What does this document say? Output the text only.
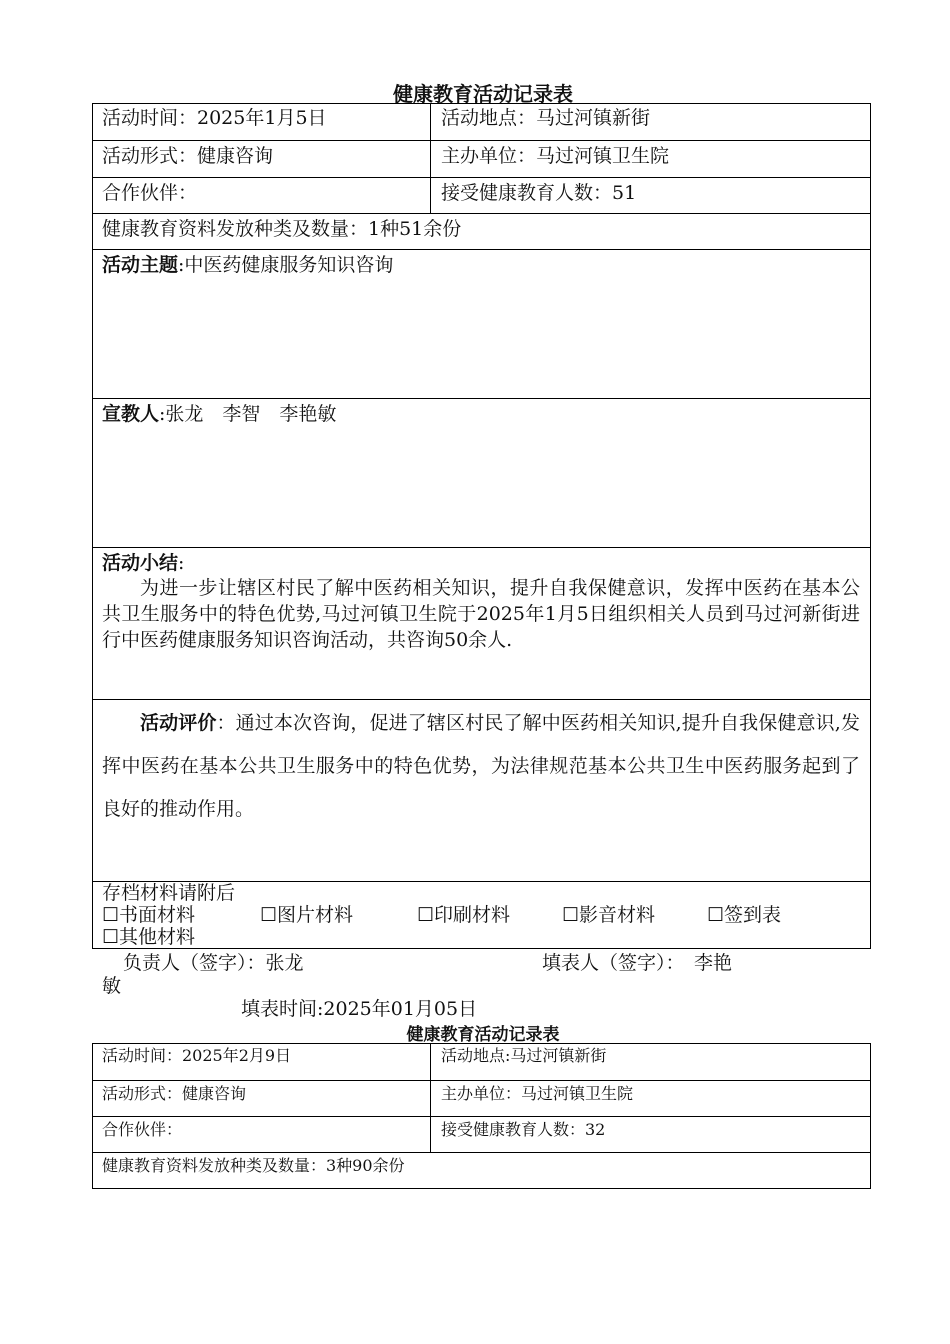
健康教育活动记录表
活动时间：2025年1月5日	活动地点：马过河镇新街
活动形式：健康咨询	主办单位：马过河镇卫生院
合作伙伴：	接受健康教育人数：51
健康教育资料发放种类及数量：1种51余份
活动主题:中医药健康服务知识咨询
宣教人:张龙　李智　李艳敏
活动小结:
为进一步让辖区村民了解中医药相关知识，提升自我保健意识，发挥中医药在基本公共卫生服务中的特色优势,马过河镇卫生院于2025年1月5日组织相关人员到马过河新街进行中医药健康服务知识咨询活动，共咨询50余人.
活动评价：通过本次咨询，促进了辖区村民了解中医药相关知识,提升自我保健意识,发挥中医药在基本公共卫生服务中的特色优势，为法律规范基本公共卫生中医药服务起到了良好的推动作用。
存档材料请附后
☐书面材料	☐图片材料	☐印刷材料	☐影音材料	☐签到表
☐其他材料
负责人（签字）：张龙	填表人（签字）：　李艳
敏
填表时间:2025年01月05日
健康教育活动记录表
活动时间：2025年2月9日	活动地点:马过河镇新街
活动形式：健康咨询	主办单位：马过河镇卫生院
合作伙伴：	接受健康教育人数：32
健康教育资料发放种类及数量：3种90余份
